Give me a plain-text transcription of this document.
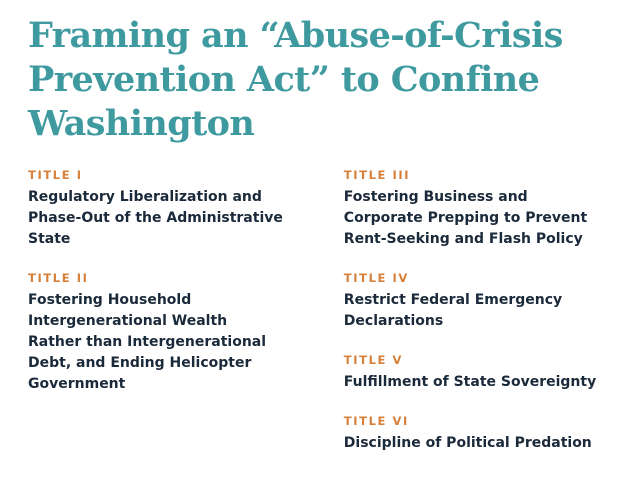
Framing an “Abuse-of-Crisis
Prevention Act” to Confine
Washington
TITLE I
Regulatory Liberalization and
Phase-Out of the Administrative
State
TITLE II
Fostering Household
Intergenerational Wealth
Rather than Intergenerational
Debt, and Ending Helicopter
Government
TITLE III
Fostering Business and
Corporate Prepping to Prevent
Rent-Seeking and Flash Policy
TITLE IV
Restrict Federal Emergency
Declarations
TITLE V
Fulfillment of State Sovereignty
TITLE VI
Discipline of Political Predation
